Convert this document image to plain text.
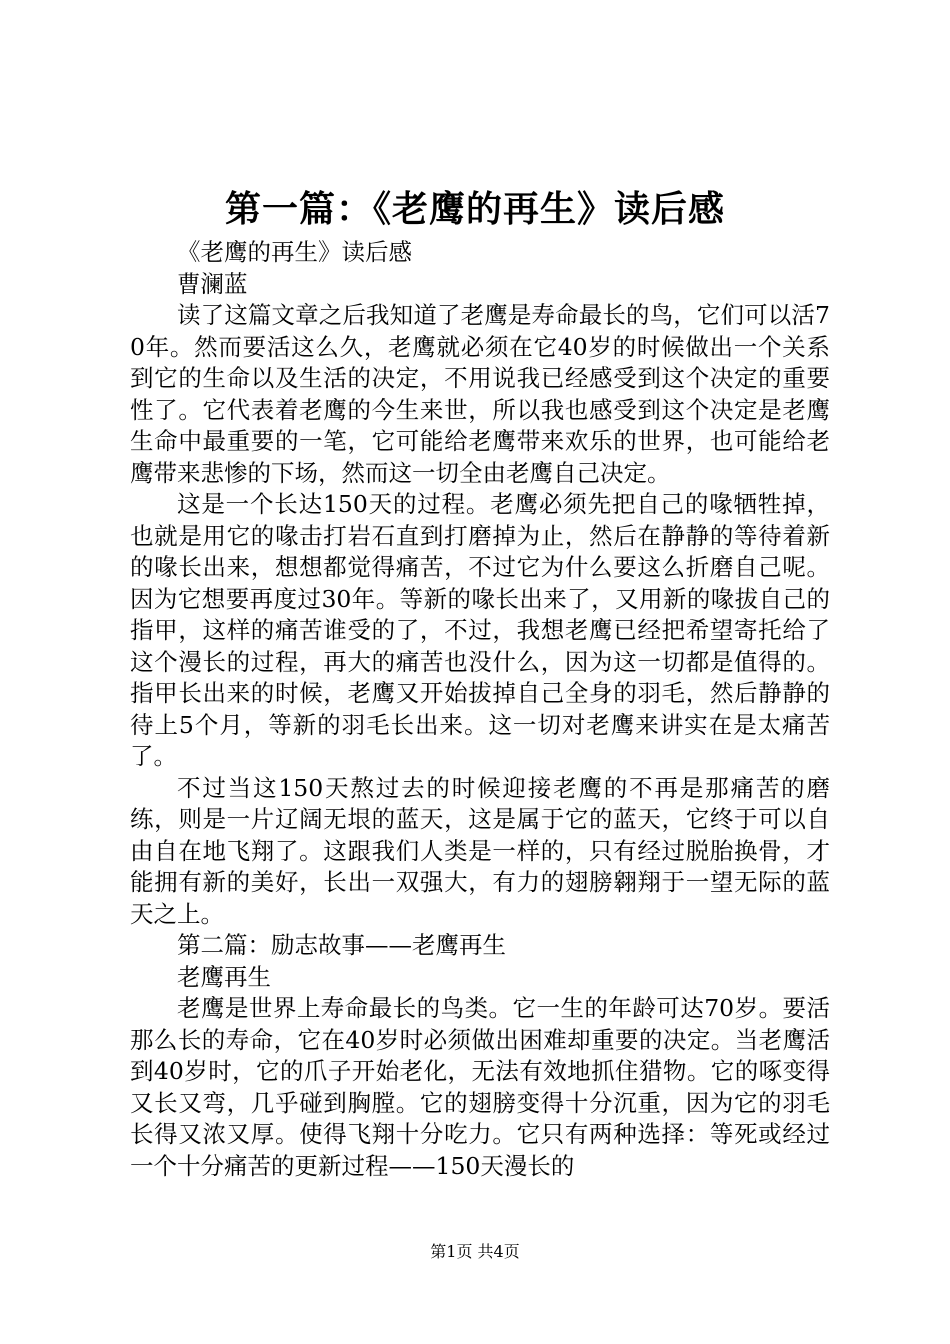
第一篇：《老鹰的再生》读后感

《老鹰的再生》读后感

曹澜蓝

读了这篇文章之后我知道了老鹰是寿命最长的鸟，它们可以活70年。然而要活这么久，老鹰就必须在它40岁的时候做出一个关系到它的生命以及生活的决定，不用说我已经感受到这个决定的重要性了。它代表着老鹰的今生来世，所以我也感受到这个决定是老鹰生命中最重要的一笔，它可能给老鹰带来欢乐的世界，也可能给老鹰带来悲惨的下场，然而这一切全由老鹰自己决定。

这是一个长达150天的过程。老鹰必须先把自己的喙牺牲掉，也就是用它的喙击打岩石直到打磨掉为止，然后在静静的等待着新的喙长出来，想想都觉得痛苦，不过它为什么要这么折磨自己呢。因为它想要再度过30年。等新的喙长出来了，又用新的喙拔自己的指甲，这样的痛苦谁受的了，不过，我想老鹰已经把希望寄托给了这个漫长的过程，再大的痛苦也没什么，因为这一切都是值得的。指甲长出来的时候，老鹰又开始拔掉自己全身的羽毛，然后静静的待上5个月，等新的羽毛长出来。这一切对老鹰来讲实在是太痛苦了。

不过当这150天熬过去的时候迎接老鹰的不再是那痛苦的磨练，则是一片辽阔无垠的蓝天，这是属于它的蓝天，它终于可以自由自在地飞翔了。这跟我们人类是一样的，只有经过脱胎换骨，才能拥有新的美好，长出一双强大，有力的翅膀翱翔于一望无际的蓝天之上。

第二篇：励志故事——老鹰再生

老鹰再生

老鹰是世界上寿命最长的鸟类。它一生的年龄可达70岁。要活那么长的寿命，它在40岁时必须做出困难却重要的决定。当老鹰活到40岁时，它的爪子开始老化，无法有效地抓住猎物。它的啄变得又长又弯，几乎碰到胸膛。它的翅膀变得十分沉重，因为它的羽毛长得又浓又厚。使得飞翔十分吃力。它只有两种选择：等死或经过一个十分痛苦的更新过程——150天漫长的

第1页 共4页
